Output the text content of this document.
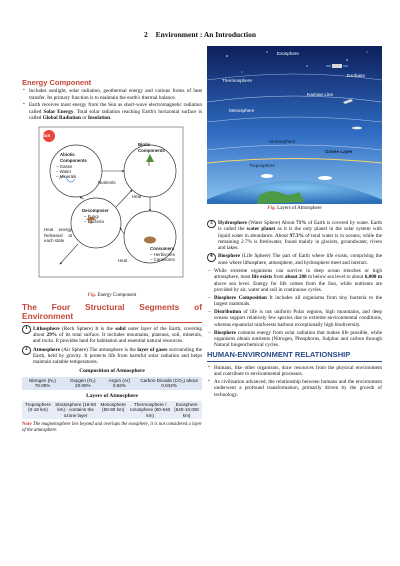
2 Environment : An Introduction
Energy Component
▪ Includes sunlight, solar radiation, geothermal energy and various forms of heat transfer. Its primary function is to maintain the earth's thermal balance.
▪ Earth receives most energy from the Sun as short-wave electromagnetic radiation called Solar Energy. Total solar radiation reaching Earth's horizontal surface is called Global Radiation or Insolation.
Sun
Abiotic Components
– Gases
– Water
– Minerals
Nutrients
Biotic Components
Heat
Heat energy Released at each state
Decomposer
– Fungi
– Bacteria
Consumers
– Herbivores
– Carnivores
Heat
Fig. Energy Component
The Four Structural Segments of Environment
1	Lithosphere (Reck Sphere) It is the solid outer layer of the Earth, covering about 29% of its total surface. It includes mountains, plateaus, soil, minerals, and rocks. It provides land for habitation and essential natural resources.
2	Atmosphere (Air Sphere) The atmosphere is the layer of gases surrounding the Earth, held by gravity. It protects life from harmful solar radiation and helps maintain suitable temperatures.
Composition of Atmosphere
Nitrogen (N₂) 78.08%	Oxygen (O₂) 20.95%	Argon (Ar) 0.93%	Carbon Dioxide (CO₂) about 0.042%
Layers of Atmosphere
Troposphere (0-18 km)	Stratosphere (18-50 km) - contains the ozone layer	Mesosphere (50-80 km)	Thermosphere / Ionosphere (80-640 km)	Exosphere (640-10,000 km)
Note The magnetosphere lies beyond and overlaps the exosphere, it is not considered a layer of the atmosphere.
Exosphere
Exobase
Thermosphere
Karman Line
Mesosphere
Stratosphere
Ozone Layer
Troposphere
Fig. Layers of Atmosphere
3	Hydrosphere (Water Sphere) About 71% of Earth is covered by water. Earth is called the water planet as it is the only planet in the solar system with liquid water in abundance. About 97.3% of total water is in oceans; while the remaining 2.7% is freshwater, found mainly in glaciers, groundwater, rivers and lakes.
4	Biosphere (Life Sphere) The part of Earth where life exists, comprising the zone where lithosphere, atmosphere, and hydrosphere meet and interact.
– While extreme organisms can survive in deep ocean trenches or high atmosphere, most life exists from about 200 m below sea level to about 6,000 m above sea level. Energy for life comes from the Sun, while nutrients are provided by air, water and soil in continuous cycles.
– Biosphere Composition It includes all organisms from tiny bacteria to the largest mammals.
– Distribution of life is not uniform Polar regions, high mountains, and deep oceans support relatively few species due to extreme environmental conditions, whereas equatorial rainforests harbour exceptionally high biodiversity.
– Biosphere contains energy from solar radiation that makes life possible, while organisms obtain nutrients (Nitrogen, Phosphorus, Sulphur and carbon through Natural biogeochemical cycles.
HUMAN-ENVIRONMENT RELATIONSHIP
▪ Humans, like other organisms, draw resources from the physical environment and contribute to environmental processes.
▪ As civilisation advanced, the relationship between humans and the environment underwent a profound transformation, primarily driven by the growth of technology.
